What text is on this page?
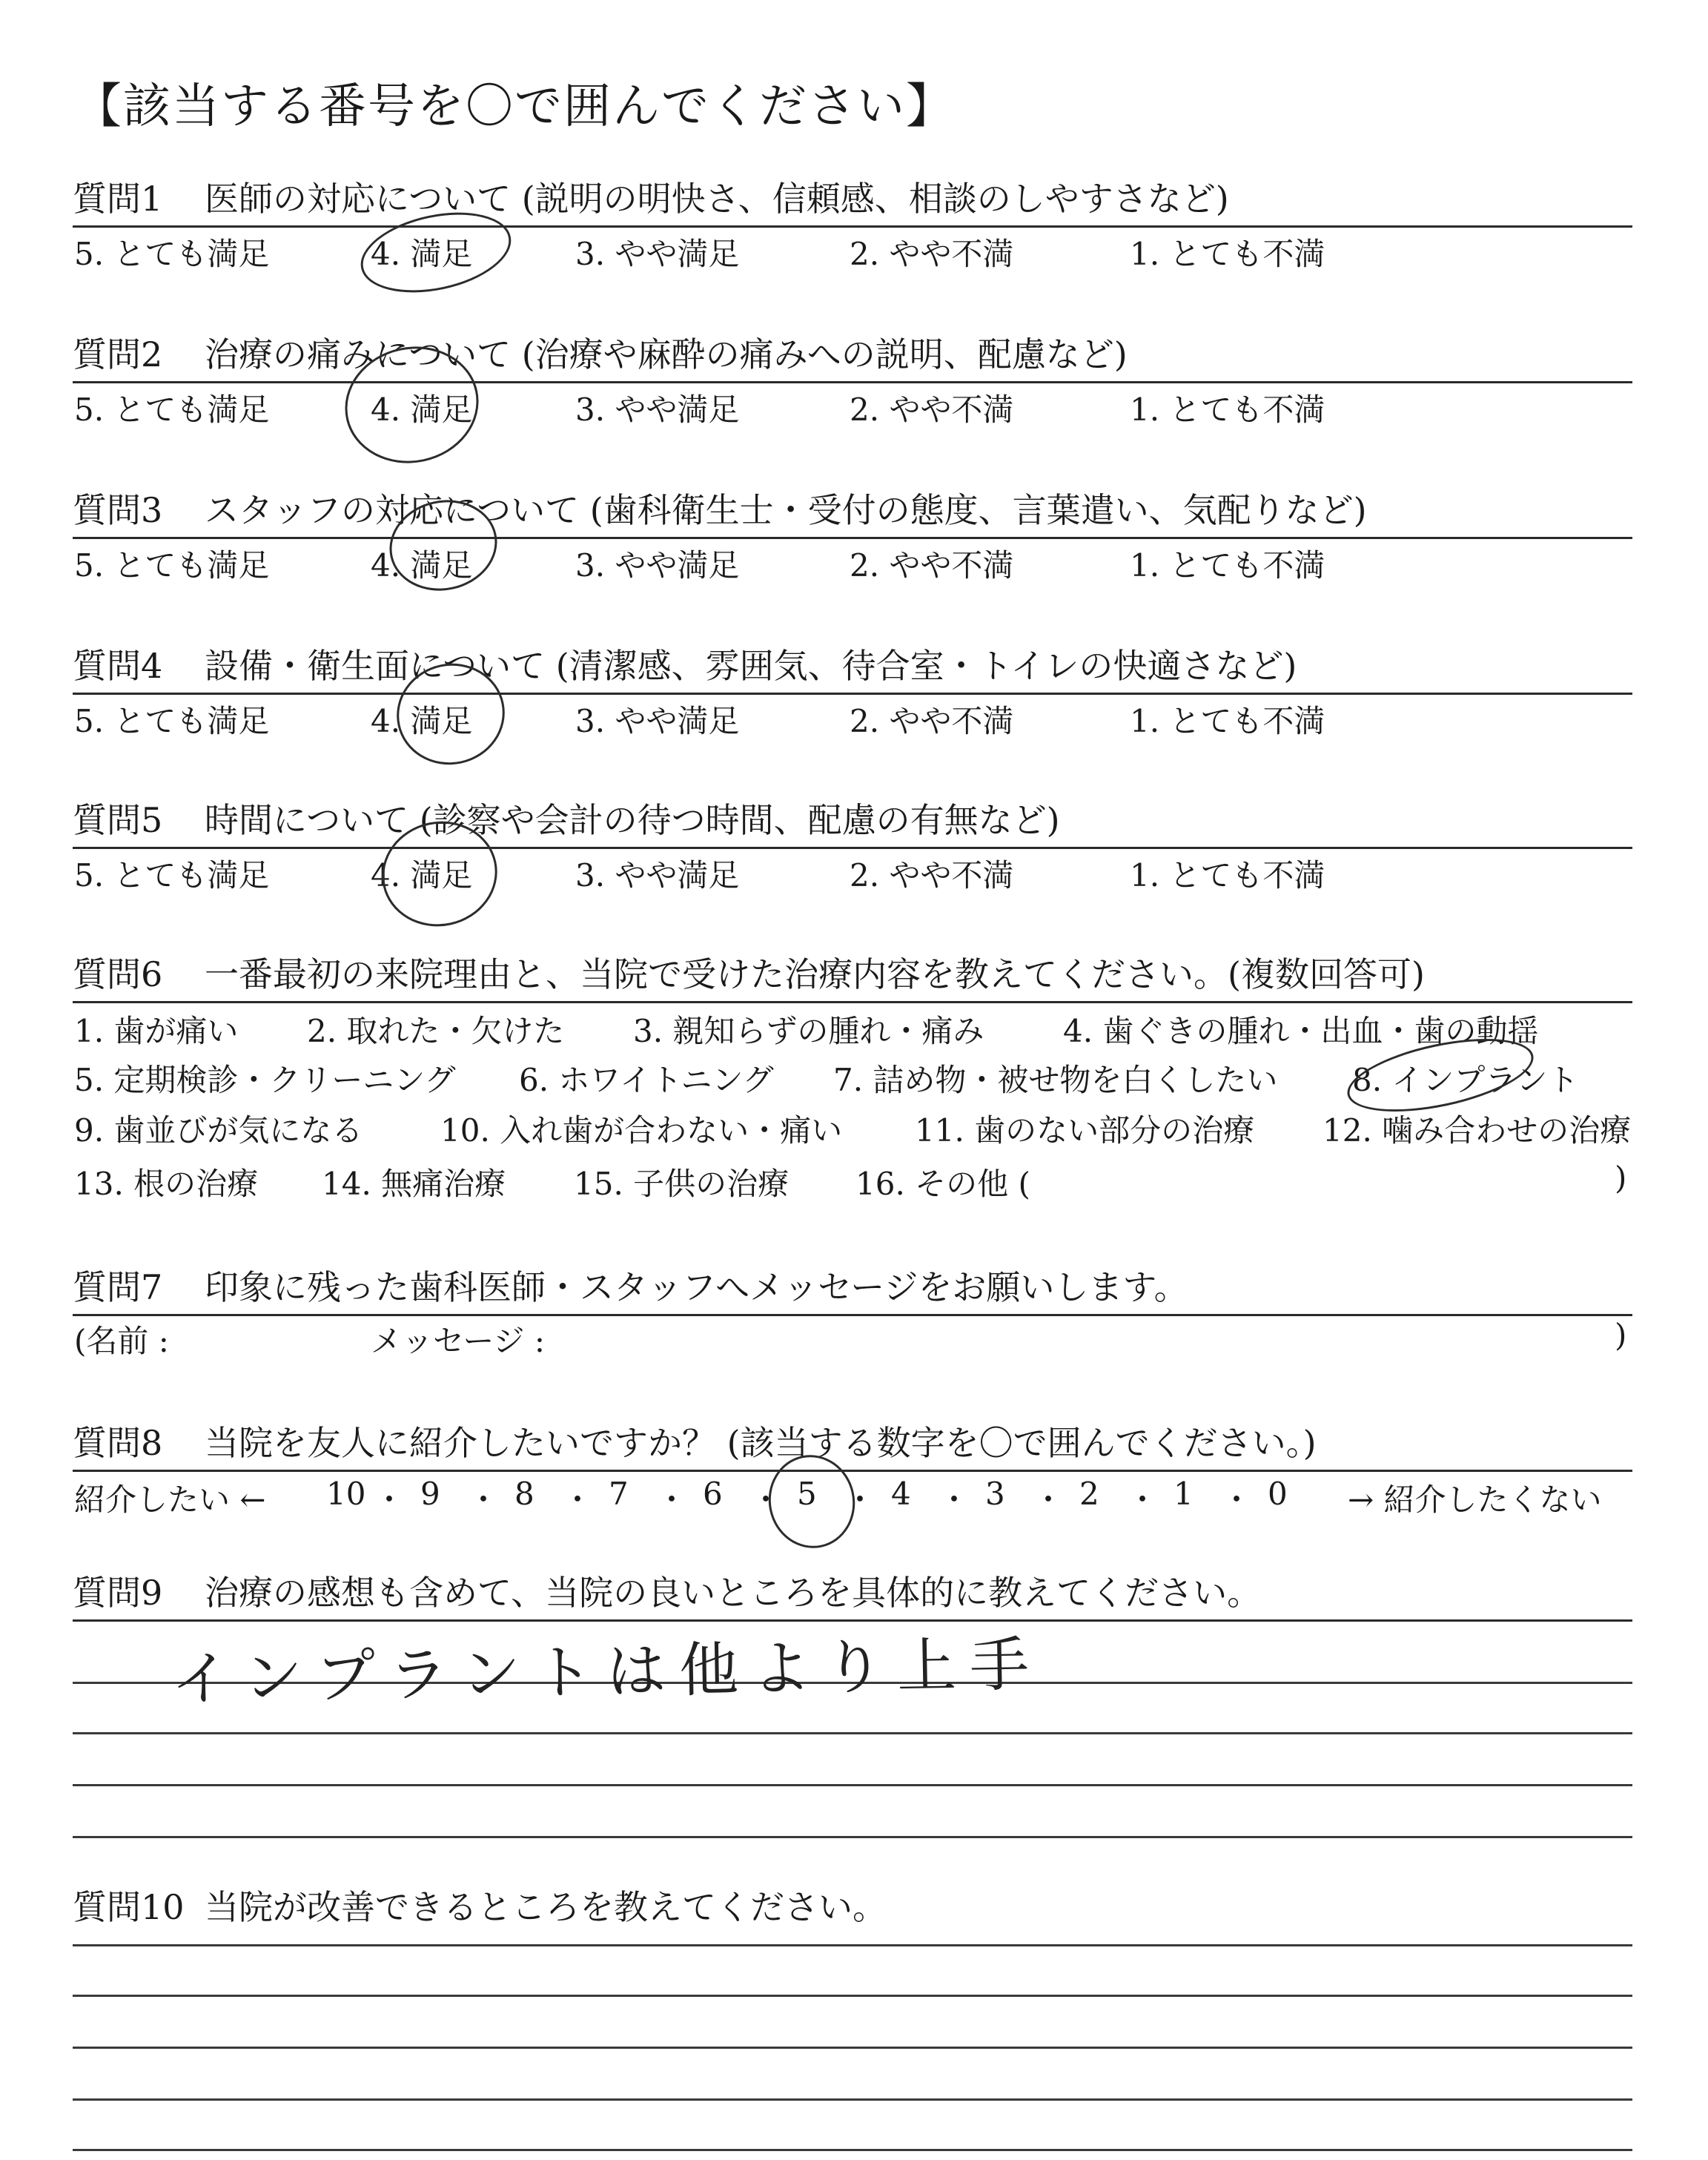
【該当する番号を〇で囲んでください】
質問1 医師の対応について (説明の明快さ、信頼感、相談のしやすさなど)
5. とても満足	4. 満足	3. やや満足	2. やや不満	1. とても不満
質問2 治療の痛みについて (治療や麻酔の痛みへの説明、配慮など)
5. とても満足	4. 満足	3. やや満足	2. やや不満	1. とても不満
質問3 スタッフの対応について (歯科衛生士・受付の態度、言葉遣い、気配りなど)
5. とても満足	4. 満足	3. やや満足	2. やや不満	1. とても不満
質問4 設備・衛生面について (清潔感、雰囲気、待合室・トイレの快適さなど)
5. とても満足	4. 満足	3. やや満足	2. やや不満	1. とても不満
質問5 時間について (診察や会計の待つ時間、配慮の有無など)
5. とても満足	4. 満足	3. やや満足	2. やや不満	1. とても不満
質問6 一番最初の来院理由と、当院で受けた治療内容を教えてください。(複数回答可)
1. 歯が痛い 2. 取れた・欠けた 3. 親知らずの腫れ・痛み	4. 歯ぐきの腫れ・出血・歯の動揺
5. 定期検診・クリーニング 6. ホワイトニング 7. 詰め物・被せ物を白くしたい 8. インプラント
9. 歯並びが気になる 10. 入れ歯が合わない・痛い 11. 歯のない部分の治療 12. 噛み合わせの治療
13. 根の治療 14. 無痛治療 15. 子供の治療 16. その他 (	)
質問7 印象に残った歯科医師・スタッフへメッセージをお願いします。
(名前 :	メッセージ :	)
質問8 当院を友人に紹介したいですか？ (該当する数字を〇で囲んでください。)
紹介したい ←	→ 紹介したくない
10 ・ 9 ・ 8 ・ 7 ・ 6 ・ 5 ・ 4 ・ 3 ・ 2 ・ 1 ・ 0
質問9 治療の感想も含めて、当院の良いところを具体的に教えてください。
インプラントは他より上手
質問10 当院が改善できるところを教えてください。
